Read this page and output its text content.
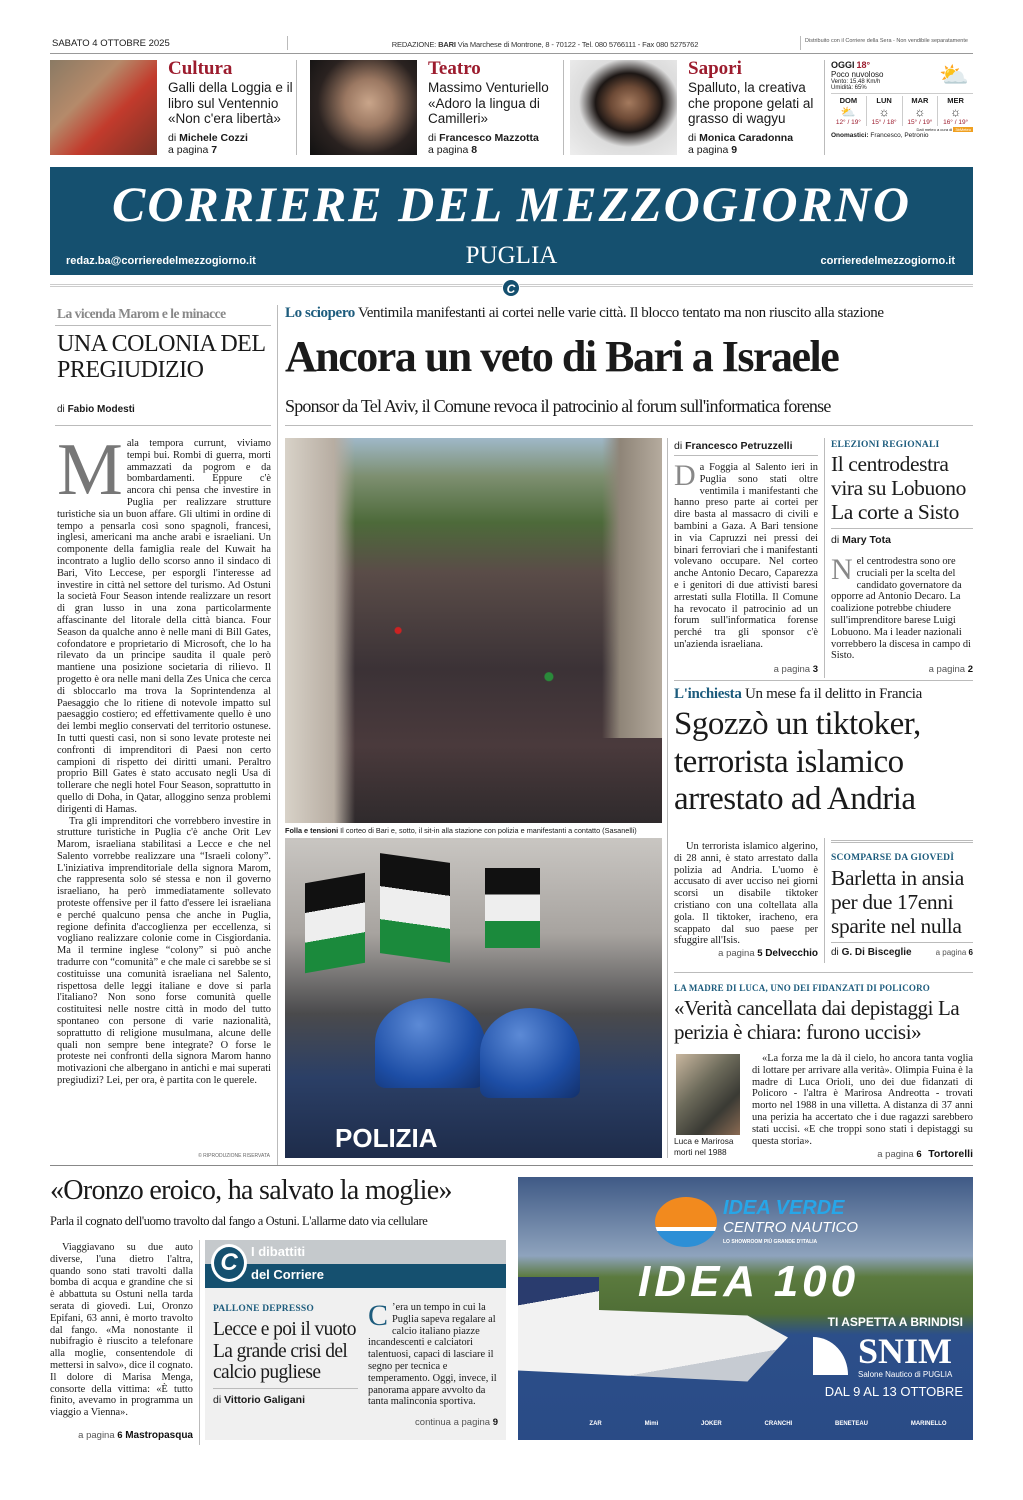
SABATO 4 OTTOBRE 2025	REDAZIONE: BARI Via Marchese di Montrone, 8 - 70122 - Tel. 080 5766111 - Fax 080 5275762	Distribuito con il Corriere della Sera - Non vendibile separatamente
Cultura
Galli della Loggia e il libro sul Ventennio «Non c'era libertà»
di Michele Cozzi
a pagina 7
Teatro
Massimo Venturiello «Adoro la lingua di Camilleri»
di Francesco Mazzotta
a pagina 8
Sapori
Spalluto, la creativa che propone gelati al grasso di wagyu
di Monica Caradonna
a pagina 9
OGGI 18°
Poco nuvoloso
Vento: 15.48 Km/h
Umidità: 65%	⛅
DOM
⛅
12° / 19°
LUN
☼
15° / 18°
MAR
☼
15° / 19°
MER
☼
16° / 19°
Dati meteo a cura di 3bMeteo
Onomastici: Francesco, Petronio
CORRIERE DEL MEZZOGIORNO
PUGLIA
redaz.ba@corrieredelmezzogiorno.it	corrieredelmezzogiorno.it
C
La vicenda Marom e le minacce
UNA COLONIA DEL PREGIUDIZIO
di Fabio Modesti
Mala tempora currunt, viviamo tempi bui. Rombi di guerra, morti ammazzati da pogrom e da bombardamenti. Eppure c'è ancora chi pensa che investire in Puglia per realizzare strutture turistiche sia un buon affare. Gli ultimi in ordine di tempo a pensarla così sono spagnoli, francesi, inglesi, americani ma anche arabi e israeliani. Un componente della famiglia reale del Kuwait ha incontrato a luglio dello scorso anno il sindaco di Bari, Vito Leccese, per esporgli l'interesse ad investire in città nel settore del turismo. Ad Ostuni la società Four Season intende realizzare un resort di gran lusso in una zona particolarmente affascinante del litorale della città bianca. Four Season da qualche anno è nelle mani di Bill Gates, cofondatore e proprietario di Microsoft, che lo ha rilevato da un principe saudita il quale però mantiene una posizione societaria di rilievo. Il progetto è ora nelle mani della Zes Unica che cerca di sbloccarlo ma trova la Soprintendenza al Paesaggio che lo ritiene di notevole impatto sul paesaggio costiero; ed effettivamente quello è uno dei lembi meglio conservati del territorio ostunese. In tutti questi casi, non si sono levate proteste nei confronti di imprenditori di Paesi non certo campioni di rispetto dei diritti umani. Peraltro proprio Bill Gates è stato accusato negli Usa di tollerare che negli hotel Four Season, soprattutto in quello di Doha, in Qatar, alloggino senza problemi dirigenti di Hamas.
Tra gli imprenditori che vorrebbero investire in strutture turistiche in Puglia c'è anche Orit Lev Marom, israeliana stabilitasi a Lecce e che nel Salento vorrebbe realizzare una “Israeli colony”. L'iniziativa imprenditoriale della signora Marom, che rappresenta solo sé stessa e non il governo israeliano, ha però immediatamente sollevato proteste offensive per il fatto d'essere lei israeliana e perché qualcuno pensa che anche in Puglia, regione definita d'accoglienza per eccellenza, si vogliano realizzare colonie come in Cisgiordania. Ma il termine inglese “colony” si può anche tradurre con “comunità” e che male ci sarebbe se si costituisse una comunità israeliana nel Salento, rispettosa delle leggi italiane e dove si parla l'italiano? Non sono forse comunità quelle costituitesi nelle nostre città in modo del tutto spontaneo con persone di varie nazionalità, soprattutto di religione musulmana, alcune delle quali non sempre bene integrate? O forse le proteste nei confronti della signora Marom hanno motivazioni che albergano in antichi e mai superati pregiudizi? Lei, per ora, è partita con le querele.
© RIPRODUZIONE RISERVATA
Lo sciopero Ventimila manifestanti ai cortei nelle varie città. Il blocco tentato ma non riuscito alla stazione
Ancora un veto di Bari a Israele
Sponsor da Tel Aviv, il Comune revoca il patrocinio al forum sull'informatica forense
Folla e tensioni Il corteo di Bari e, sotto, il sit-in alla stazione con polizia e manifestanti a contatto (Sasanelli)
POLIZIA
di Francesco Petruzzelli
Da Foggia al Salento ieri in Puglia sono stati oltre ventimila i manifestanti che hanno preso parte ai cortei per dire basta al massacro di civili e bambini a Gaza. A Bari tensione in via Capruzzi nei pressi dei binari ferroviari che i manifestanti volevano occupare. Nel corteo anche Antonio Decaro, Caparezza e i genitori di due attivisti baresi arrestati sulla Flotilla. Il Comune ha revocato il patrocinio ad un forum sull'informatica forense perché tra gli sponsor c'è un'azienda israeliana.
a pagina 3
ELEZIONI REGIONALI
Il centrodestra vira su Lobuono La corte a Sisto
di Mary Tota
Nel centrodestra sono ore cruciali per la scelta del candidato governatore da opporre ad Antonio Decaro. La coalizione potrebbe chiudere sull'imprenditore barese Luigi Lobuono. Ma i leader nazionali vorrebbero la discesa in campo di Sisto.
a pagina 2
L'inchiesta Un mese fa il delitto in Francia
Sgozzò un tiktoker, terrorista islamico arrestato ad Andria
Un terrorista islamico algerino, di 28 anni, è stato arrestato dalla polizia ad Andria. L'uomo è accusato di aver ucciso nei giorni scorsi un disabile tiktoker cristiano con una coltellata alla gola. Il tiktoker, iracheno, era scappato dal suo paese per sfuggire all'Isis.
a pagina 5 Delvecchio
SCOMPARSE DA GIOVEDÌ
Barletta in ansia per due 17enni sparite nel nulla
di G. Di Bisceglie	a pagina 6
LA MADRE DI LUCA, UNO DEI FIDANZATI DI POLICORO
«Verità cancellata dai depistaggi La perizia è chiara: furono uccisi»
Luca e Marirosa morti nel 1988
«La forza me la dà il cielo, ho ancora tanta voglia di lottare per arrivare alla verità». Olimpia Fuina è la madre di Luca Orioli, uno dei due fidanzati di Policoro - l'altra è Marirosa Andreotta - trovati morto nel 1988 in una villetta. A distanza di 37 anni una perizia ha accertato che i due ragazzi sarebbero stati uccisi. «E che troppi sono stati i depistaggi su questa storia».
a pagina 6 Tortorelli
«Oronzo eroico, ha salvato la moglie»
Parla il cognato dell'uomo travolto dal fango a Ostuni. L'allarme dato via cellulare
Viaggiavano su due auto diverse, l'una dietro l'altra, quando sono stati travolti dalla bomba di acqua e grandine che si è abbattuta su Ostuni nella tarda serata di giovedì. Lui, Oronzo Epifani, 63 anni, è morto travolto dal fango. «Ma nonostante il nubifragio è riuscito a telefonare alla moglie, consentendole di mettersi in salvo», dice il cognato. Il dolore di Marisa Menga, consorte della vittima: «È tutto finito, avevamo in programma un viaggio a Vienna».
a pagina 6 Mastropasqua
C	I dibattiti
del Corriere
PALLONE DEPRESSO
Lecce e poi il vuoto La grande crisi del calcio pugliese
di Vittorio Galigani
C ’era un tempo in cui la Puglia sapeva regalare al calcio italiano piazze incandescenti e calciatori talentuosi, capaci di lasciare il segno per tecnica e temperamento. Oggi, invece, il panorama appare avvolto da tanta malinconia sportiva.
continua a pagina 9
IDEA VERDE
CENTRO NAUTICO
LO SHOWROOM PIÙ GRANDE D'ITALIA
IDEA 100
TI ASPETTA A BRINDISI
SNIM
Salone Nautico di PUGLIA
DAL 9 AL 13 OTTOBRE
ZAR	Mimì	JOKER	CRANCHI	BENETEAU	MARINELLO
